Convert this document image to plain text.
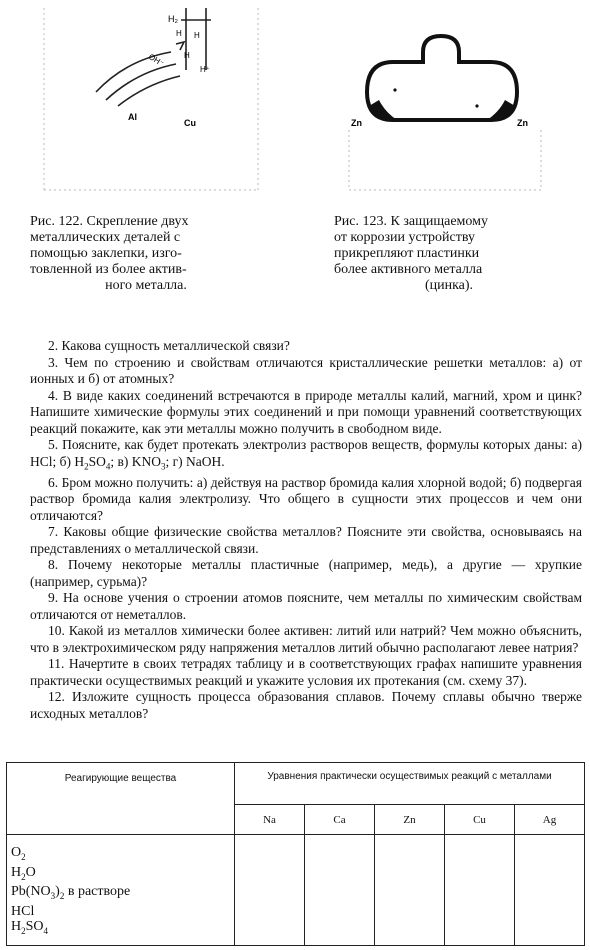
H₂
OH⁻
H H
H
H⁺
Al
Cu	Zn	Zn
Рис. 122. Скрепление двух
металлических деталей с
помощью заклепки, изго-
товленной из более актив-
ного металла.
Рис. 123. К защищаемому
от коррозии устройству
прикрепляют пластинки
более активного металла
(цинка).

2. Какова сущность металлической связи?

3. Чем по строению и свойствам отличаются кристаллические решетки металлов: а) от ионных и б) от атомных?

4. В виде каких соединений встречаются в природе металлы калий, магний, хром и цинк? Напишите химические формулы этих соединений и при помощи уравнений соответствующих реакций покажите, как эти металлы можно получить в свободном виде.

5. Поясните, как будет протекать электролиз растворов веществ, формулы которых даны: а) HCl; б) $H_2SO_4$; в) $KNO_3$; г) NaOH.

6. Бром можно получить: а) действуя на раствор бромида калия хлорной водой; б) подвергая раствор бромида калия электролизу. Что общего в сущности этих процессов и чем они отличаются?

7. Каковы общие физические свойства металлов? Поясните эти свойства, основываясь на представлениях о металлической связи.

8. Почему некоторые металлы пластичные (например, медь), а другие — хрупкие (например, сурьма)?

9. На основе учения о строении атомов поясните, чем металлы по химическим свойствам отличаются от неметаллов.

10. Какой из металлов химически более активен: литий или натрий? Чем можно объяснить, что в электрохимическом ряду напряжения металлов литий обычно располагают левее натрия?

11. Начертите в своих тетрадях таблицу и в соответствующих графах напишите уравнения практически осуществимых реакций и укажите условия их протекания (см. схему 37).

12. Изложите сущность процесса образования сплавов. Почему сплавы обычно тверже исходных металлов?

Реагирующие вещества	Уравнения практически осуществимых реакций с металлами				
	Na	Ca	Zn	Cu	Ag

$O_2$
$H_2O$
$Pb(NO_3)_2$ в растворе
HCl
$H_2SO_4$
